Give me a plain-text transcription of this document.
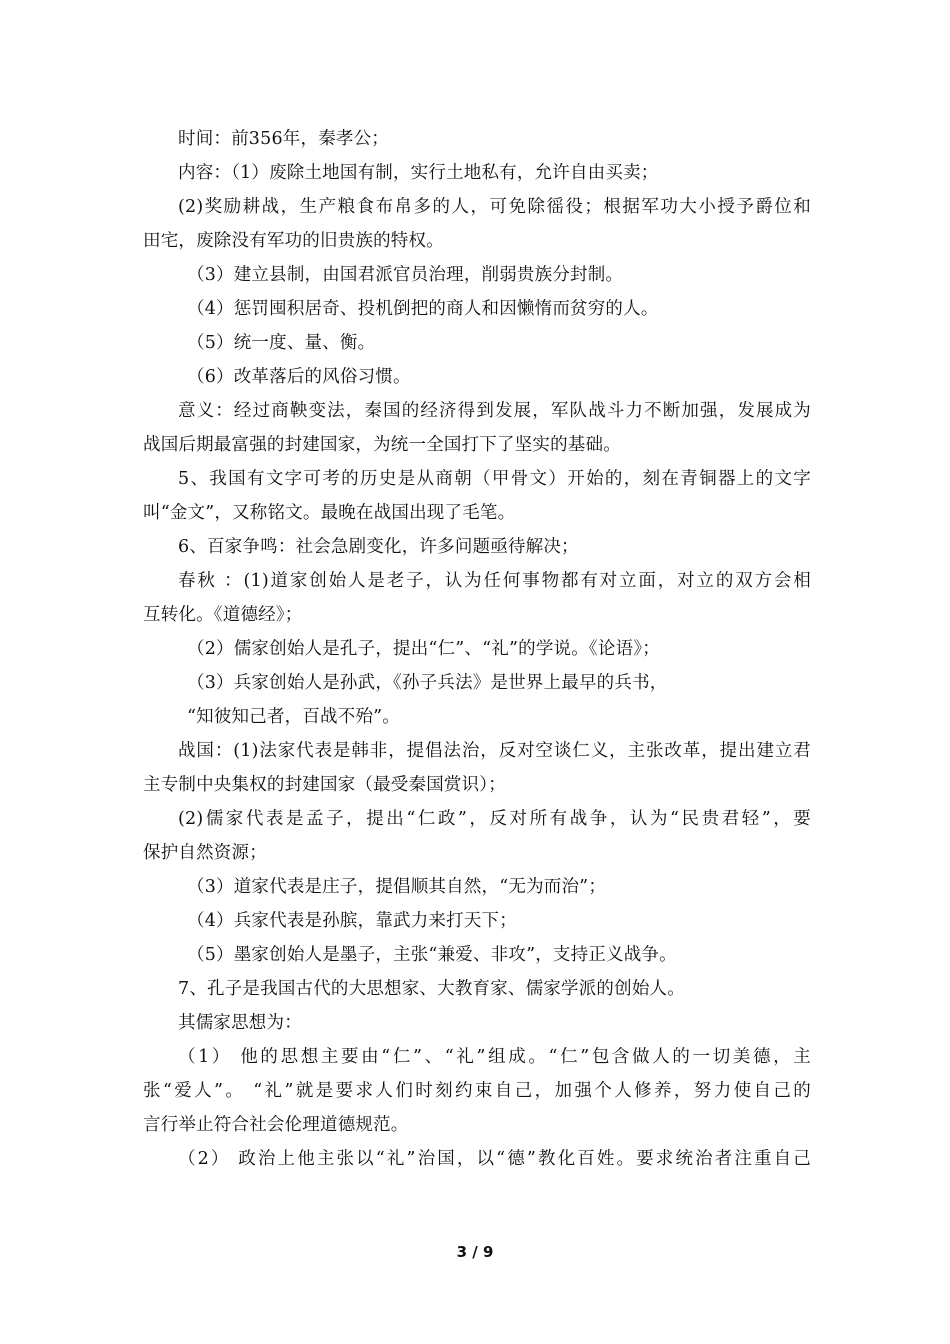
时间：前356年，秦孝公；
内容：（1）废除土地国有制，实行土地私有，允许自由买卖；
(2)奖励耕战，生产粮食布帛多的人，可免除徭役；根据军功大小授予爵位和
田宅，废除没有军功的旧贵族的特权。
（3）建立县制，由国君派官员治理，削弱贵族分封制。
（4）惩罚囤积居奇、投机倒把的商人和因懒惰而贫穷的人。
（5）统一度、量、衡。
（6）改革落后的风俗习惯。
意义：经过商鞅变法，秦国的经济得到发展，军队战斗力不断加强，发展成为
战国后期最富强的封建国家，为统一全国打下了坚实的基础。
5、我国有文字可考的历史是从商朝（甲骨文）开始的，刻在青铜器上的文字
叫“金文”，又称铭文。最晚在战国出现了毛笔。
6、百家争鸣：社会急剧变化，许多问题亟待解决；
春秋 ：(1)道家创始人是老子，认为任何事物都有对立面，对立的双方会相
互转化。《道德经》；
（2）儒家创始人是孔子，提出“仁”、“礼”的学说。《论语》；
（3）兵家创始人是孙武，《孙子兵法》是世界上最早的兵书，
“知彼知己者，百战不殆”。
战国：(1)法家代表是韩非，提倡法治，反对空谈仁义，主张改革，提出建立君
主专制中央集权的封建国家（最受秦国赏识）；
(2)儒家代表是孟子，提出“仁政”，反对所有战争，认为“民贵君轻”，要
保护自然资源；
（3）道家代表是庄子，提倡顺其自然，“无为而治”；
（4）兵家代表是孙膑，靠武力来打天下；
（5）墨家创始人是墨子，主张“兼爱、非攻”，支持正义战争。
7、孔子是我国古代的大思想家、大教育家、儒家学派的创始人。
其儒家思想为：
（1） 他的思想主要由“仁”、“礼”组成。“仁”包含做人的一切美德，主
张“爱人”。 “礼”就是要求人们时刻约束自己，加强个人修养，努力使自己的
言行举止符合社会伦理道德规范。
（2） 政治上他主张以“礼”治国，以“德”教化百姓。要求统治者注重自己
3 / 9
